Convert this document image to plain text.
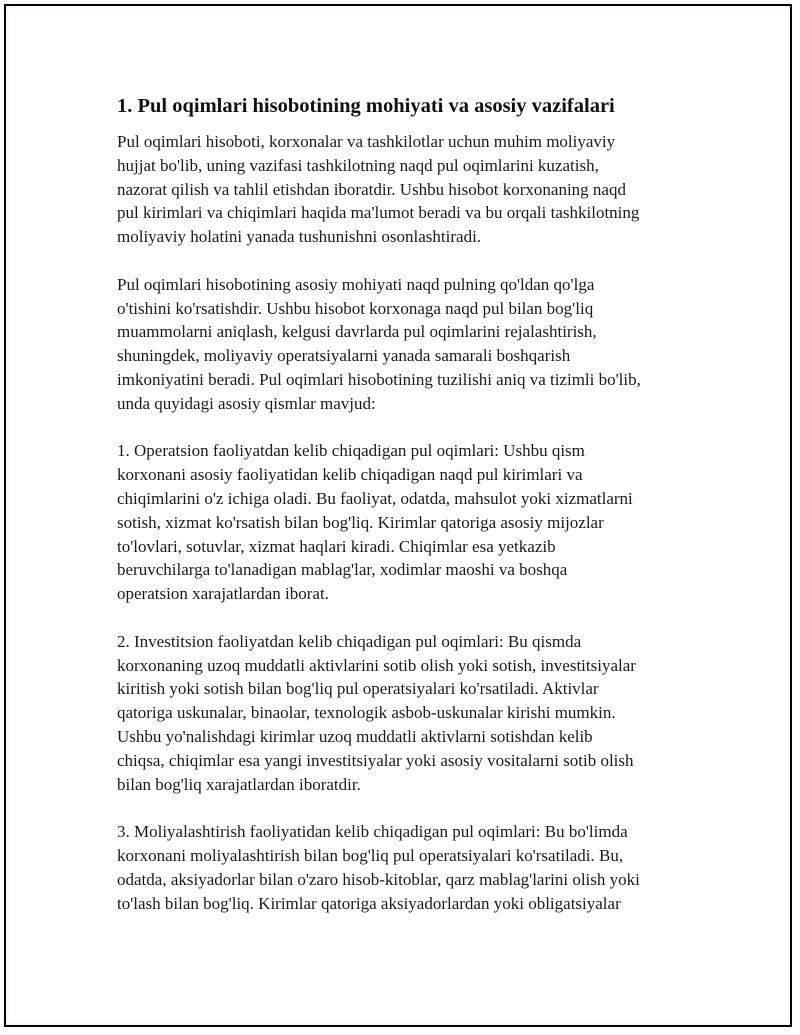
1. Pul oqimlari hisobotining mohiyati va asosiy vazifalari

Pul oqimlari hisoboti, korxonalar va tashkilotlar uchun muhim moliyaviy
hujjat bo'lib, uning vazifasi tashkilotning naqd pul oqimlarini kuzatish,
nazorat qilish va tahlil etishdan iboratdir. Ushbu hisobot korxonaning naqd
pul kirimlari va chiqimlari haqida ma'lumot beradi va bu orqali tashkilotning
moliyaviy holatini yanada tushunishni osonlashtiradi.

Pul oqimlari hisobotining asosiy mohiyati naqd pulning qo'ldan qo'lga
o'tishini ko'rsatishdir. Ushbu hisobot korxonaga naqd pul bilan bog'liq
muammolarni aniqlash, kelgusi davrlarda pul oqimlarini rejalashtirish,
shuningdek, moliyaviy operatsiyalarni yanada samarali boshqarish
imkoniyatini beradi. Pul oqimlari hisobotining tuzilishi aniq va tizimli bo'lib,
unda quyidagi asosiy qismlar mavjud:

1. Operatsion faoliyatdan kelib chiqadigan pul oqimlari: Ushbu qism
korxonani asosiy faoliyatidan kelib chiqadigan naqd pul kirimlari va
chiqimlarini o'z ichiga oladi. Bu faoliyat, odatda, mahsulot yoki xizmatlarni
sotish, xizmat ko'rsatish bilan bog'liq. Kirimlar qatoriga asosiy mijozlar
to'lovlari, sotuvlar, xizmat haqlari kiradi. Chiqimlar esa yetkazib
beruvchilarga to'lanadigan mablag'lar, xodimlar maoshi va boshqa
operatsion xarajatlardan iborat.

2. Investitsion faoliyatdan kelib chiqadigan pul oqimlari: Bu qismda
korxonaning uzoq muddatli aktivlarini sotib olish yoki sotish, investitsiyalar
kiritish yoki sotish bilan bog'liq pul operatsiyalari ko'rsatiladi. Aktivlar
qatoriga uskunalar, binaolar, texnologik asbob-uskunalar kirishi mumkin.
Ushbu yo'nalishdagi kirimlar uzoq muddatli aktivlarni sotishdan kelib
chiqsa, chiqimlar esa yangi investitsiyalar yoki asosiy vositalarni sotib olish
bilan bog'liq xarajatlardan iboratdir.

3. Moliyalashtirish faoliyatidan kelib chiqadigan pul oqimlari: Bu bo'limda
korxonani moliyalashtirish bilan bog'liq pul operatsiyalari ko'rsatiladi. Bu,
odatda, aksiyadorlar bilan o'zaro hisob-kitoblar, qarz mablag'larini olish yoki
to'lash bilan bog'liq. Kirimlar qatoriga aksiyadorlardan yoki obligatsiyalar
